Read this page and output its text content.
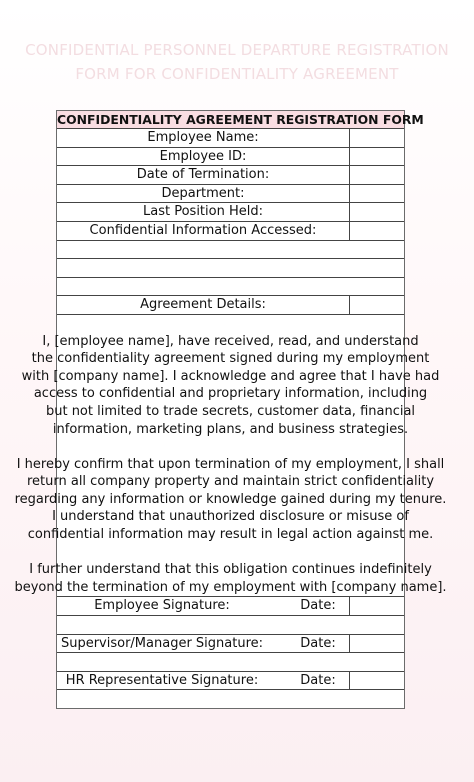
CONFIDENTIAL PERSONNEL DEPARTURE REGISTRATION
FORM FOR CONFIDENTIALITY AGREEMENT
CONFIDENTIALITY AGREEMENT REGISTRATION FORM
Employee Name:
Employee ID:
Date of Termination:
Department:
Last Position Held:
Confidential Information Accessed:
Agreement Details:
I, [employee name], have received, read, and understand
the confidentiality agreement signed during my employment
with [company name]. I acknowledge and agree that I have had
access to confidential and proprietary information, including
but not limited to trade secrets, customer data, financial
information, marketing plans, and business strategies.
I hereby confirm that upon termination of my employment, I shall
return all company property and maintain strict confidentiality
regarding any information or knowledge gained during my tenure.
I understand that unauthorized disclosure or misuse of
confidential information may result in legal action against me.
I further understand that this obligation continues indefinitely
beyond the termination of my employment with [company name].
Employee Signature:	Date:
Supervisor/Manager Signature:	Date:
HR Representative Signature:	Date:
